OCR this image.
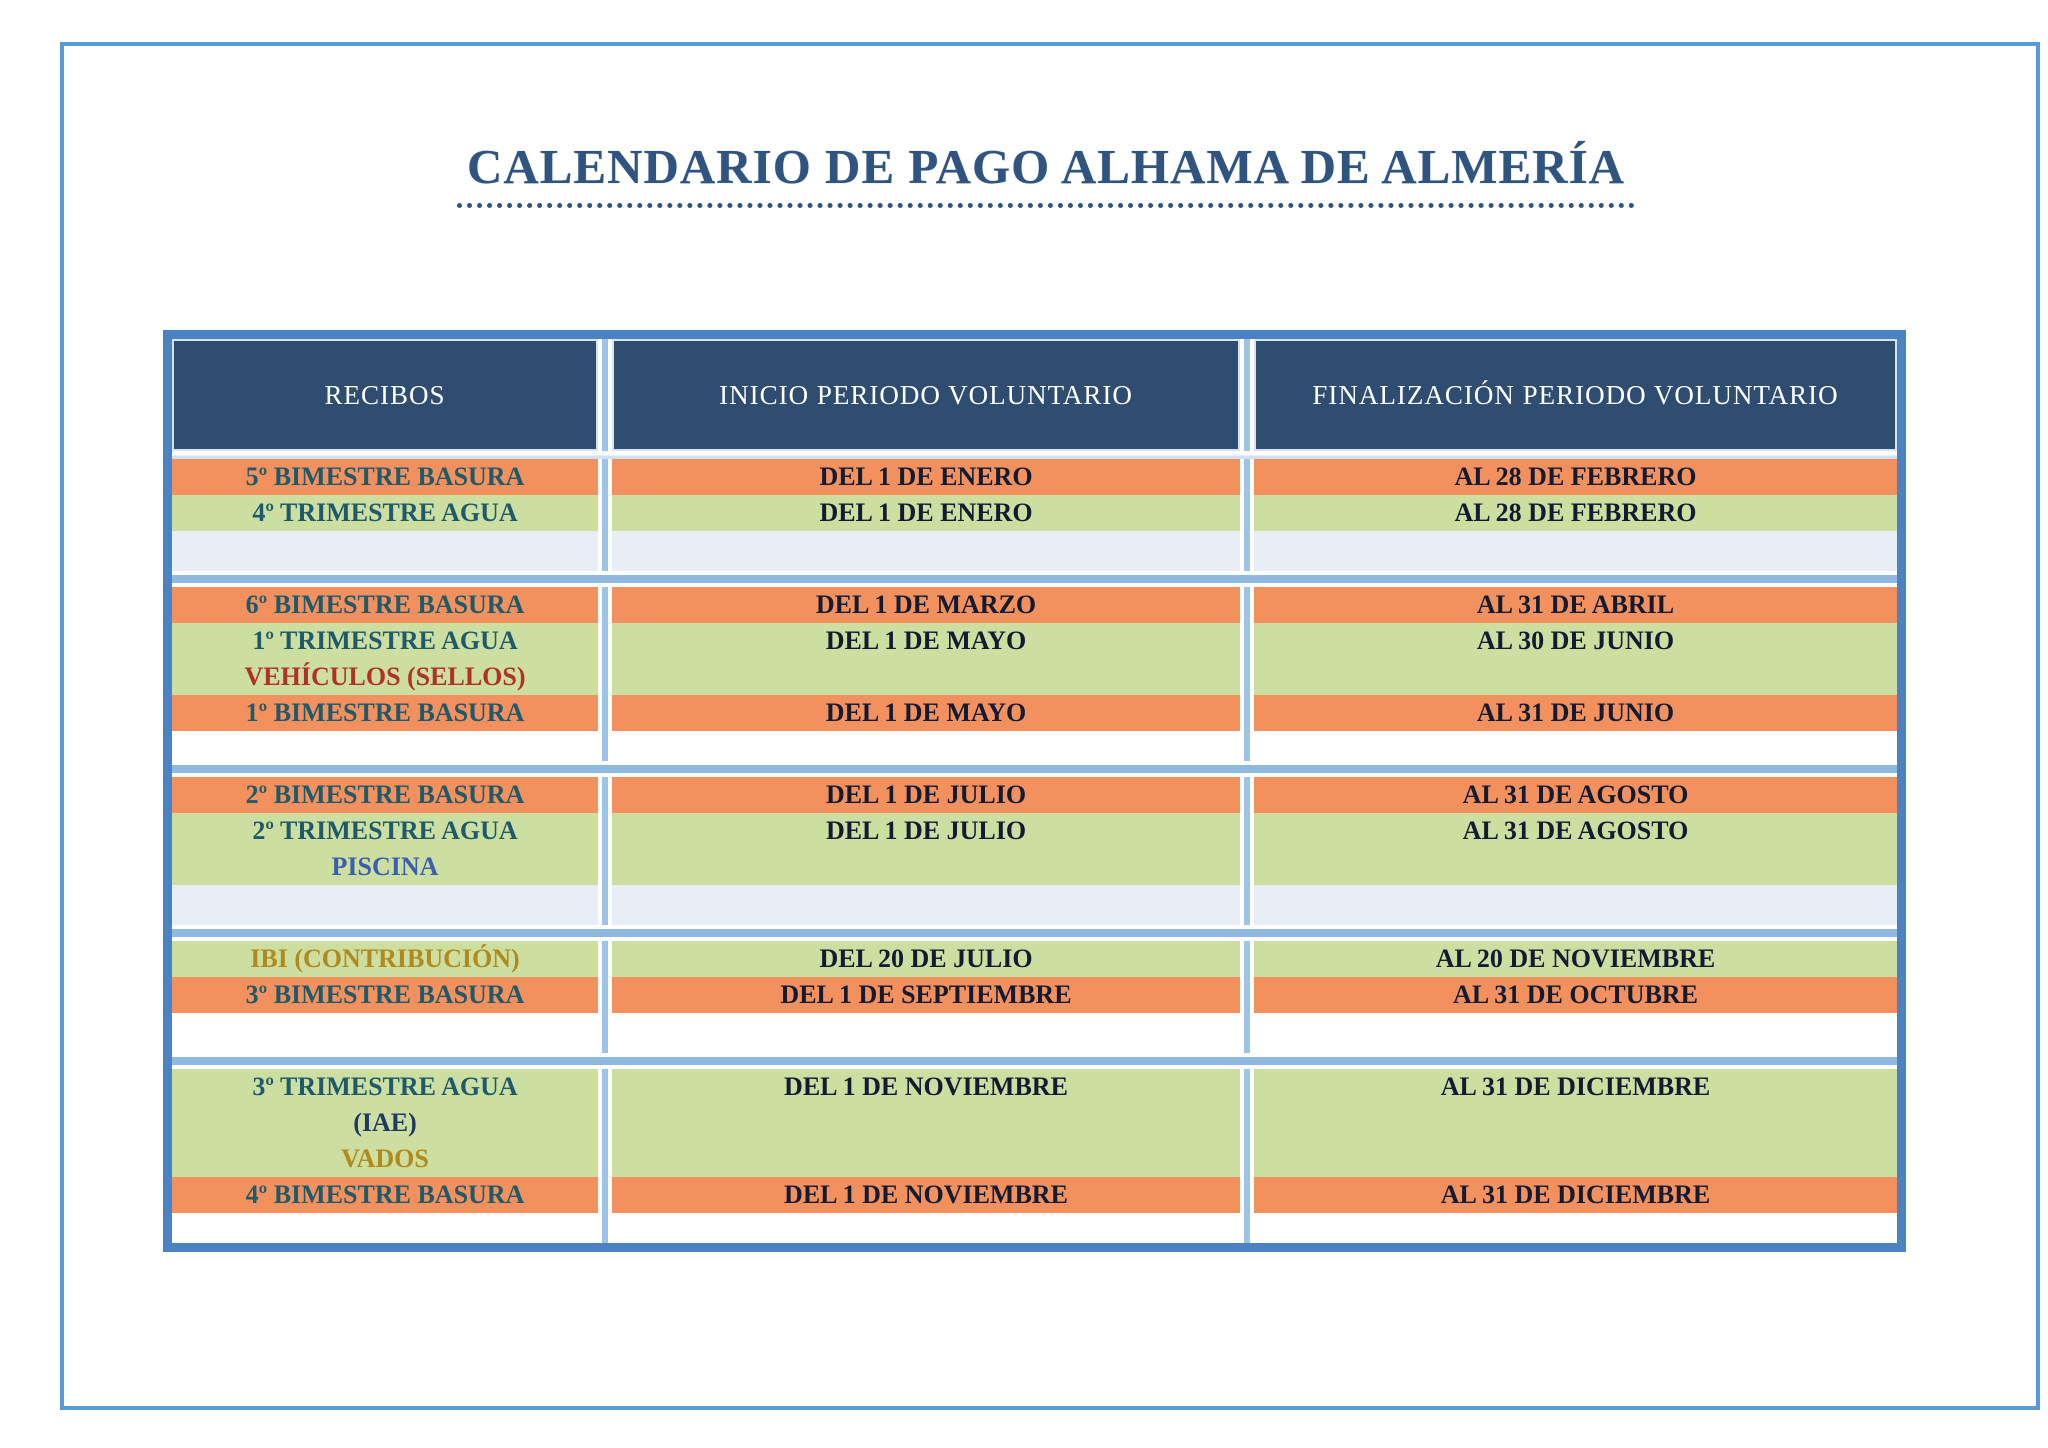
CALENDARIO DE PAGO ALHAMA DE ALMERÍA
RECIBOS	INICIO PERIODO VOLUNTARIO	FINALIZACIÓN PERIODO VOLUNTARIO
5º BIMESTRE BASURA	DEL 1 DE ENERO	AL 28 DE FEBRERO
4º TRIMESTRE AGUA	DEL 1 DE ENERO	AL 28 DE FEBRERO
6º BIMESTRE BASURA	DEL 1 DE MARZO	AL 31 DE ABRIL
1º TRIMESTRE AGUA	DEL 1 DE MAYO	AL 30 DE JUNIO
VEHÍCULOS (SELLOS)
1º BIMESTRE BASURA	DEL 1 DE MAYO	AL 31 DE JUNIO
2º BIMESTRE BASURA	DEL 1 DE JULIO	AL 31 DE AGOSTO
2º TRIMESTRE AGUA	DEL 1 DE JULIO	AL 31 DE AGOSTO
PISCINA
IBI (CONTRIBUCIÓN)	DEL 20 DE JULIO	AL 20 DE NOVIEMBRE
3º BIMESTRE BASURA	DEL 1 DE SEPTIEMBRE	AL 31 DE OCTUBRE
3º TRIMESTRE AGUA	DEL 1 DE NOVIEMBRE	AL 31 DE DICIEMBRE
(IAE)
VADOS
4º BIMESTRE BASURA	DEL 1 DE NOVIEMBRE	AL 31 DE DICIEMBRE
